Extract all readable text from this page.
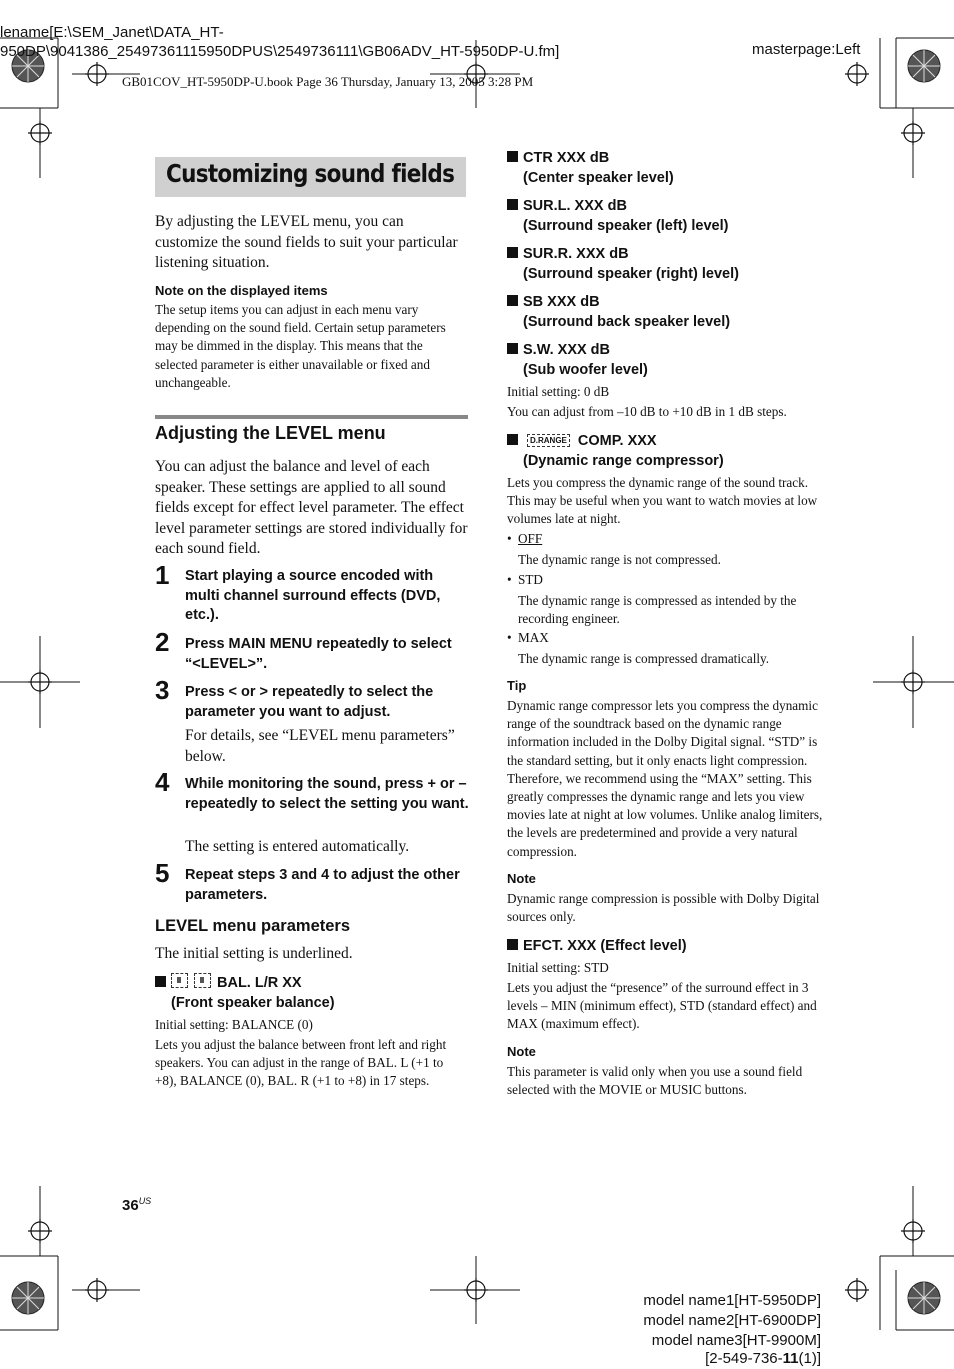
lename[E:\SEM_Janet\DATA_HT-
950DP\9041386_25497361115950DPUS\2549736111\GB06ADV_HT-5950DP-U.fm]	masterpage:Left
GB01COV_HT-5950DP-U.book Page 36 Thursday, January 13, 2005 3:28 PM
Customizing sound fields

By adjusting the LEVEL menu, you can customize the sound fields to suit your particular listening situation.

Note on the displayed items

The setup items you can adjust in each menu vary depending on the sound field. Certain setup parameters may be dimmed in the display. This means that the selected parameter is either unavailable or fixed and unchangeable.

Adjusting the LEVEL menu

You can adjust the balance and level of each speaker. These settings are applied to all sound fields except for effect level parameter. The effect level parameter settings are stored individually for each sound field.

1 Start playing a source encoded with multi channel surround effects (DVD, etc.).
2 Press MAIN MENU repeatedly to select “<LEVEL>”.
3 Press < or > repeatedly to select the parameter you want to adjust.

For details, see “LEVEL menu parameters” below.

4 While monitoring the sound, press + or – repeatedly to select the setting you want.

The setting is entered automatically.

5 Repeat steps 3 and 4 to adjust the other parameters.
LEVEL menu parameters

The initial setting is underlined.

BAL. L/R XX
(Front speaker balance)

Initial setting: BALANCE (0)

Lets you adjust the balance between front left and right speakers. You can adjust in the range of BAL. L (+1 to +8), BALANCE (0), BAL. R (+1 to +8) in 17 steps.

CTR XXX dB
(Center speaker level)
SUR.L. XXX dB
(Surround speaker (left) level)
SUR.R. XXX dB
(Surround speaker (right) level)
SB XXX dB
(Surround back speaker level)
S.W. XXX dB
(Sub woofer level)

Initial setting: 0 dB

You can adjust from –10 dB to +10 dB in 1 dB steps.

D.RANGE COMP. XXX
(Dynamic range compressor)

Lets you compress the dynamic range of the sound track. This may be useful when you want to watch movies at low volumes late at night.

• OFF

The dynamic range is not compressed.

• STD

The dynamic range is compressed as intended by the recording engineer.

• MAX

The dynamic range is compressed dramatically.

Tip

Dynamic range compressor lets you compress the dynamic range of the soundtrack based on the dynamic range information included in the Dolby Digital signal. “STD” is the standard setting, but it only enacts light compression. Therefore, we recommend using the “MAX” setting. This greatly compresses the dynamic range and lets you view movies late at night at low volumes. Unlike analog limiters, the levels are predetermined and provide a very natural compression.

Note

Dynamic range compression is possible with Dolby Digital sources only.

EFCT. XXX (Effect level)

Initial setting: STD

Lets you adjust the “presence” of the surround effect in 3 levels – MIN (minimum effect), STD (standard effect) and MAX (maximum effect).

Note

This parameter is valid only when you use a sound field selected with the MOVIE or MUSIC buttons.

$36^{US}$
model name1[HT-5950DP]
model name2[HT-6900DP]
model name3[HT-9900M]
[2-549-736-11(1)]
